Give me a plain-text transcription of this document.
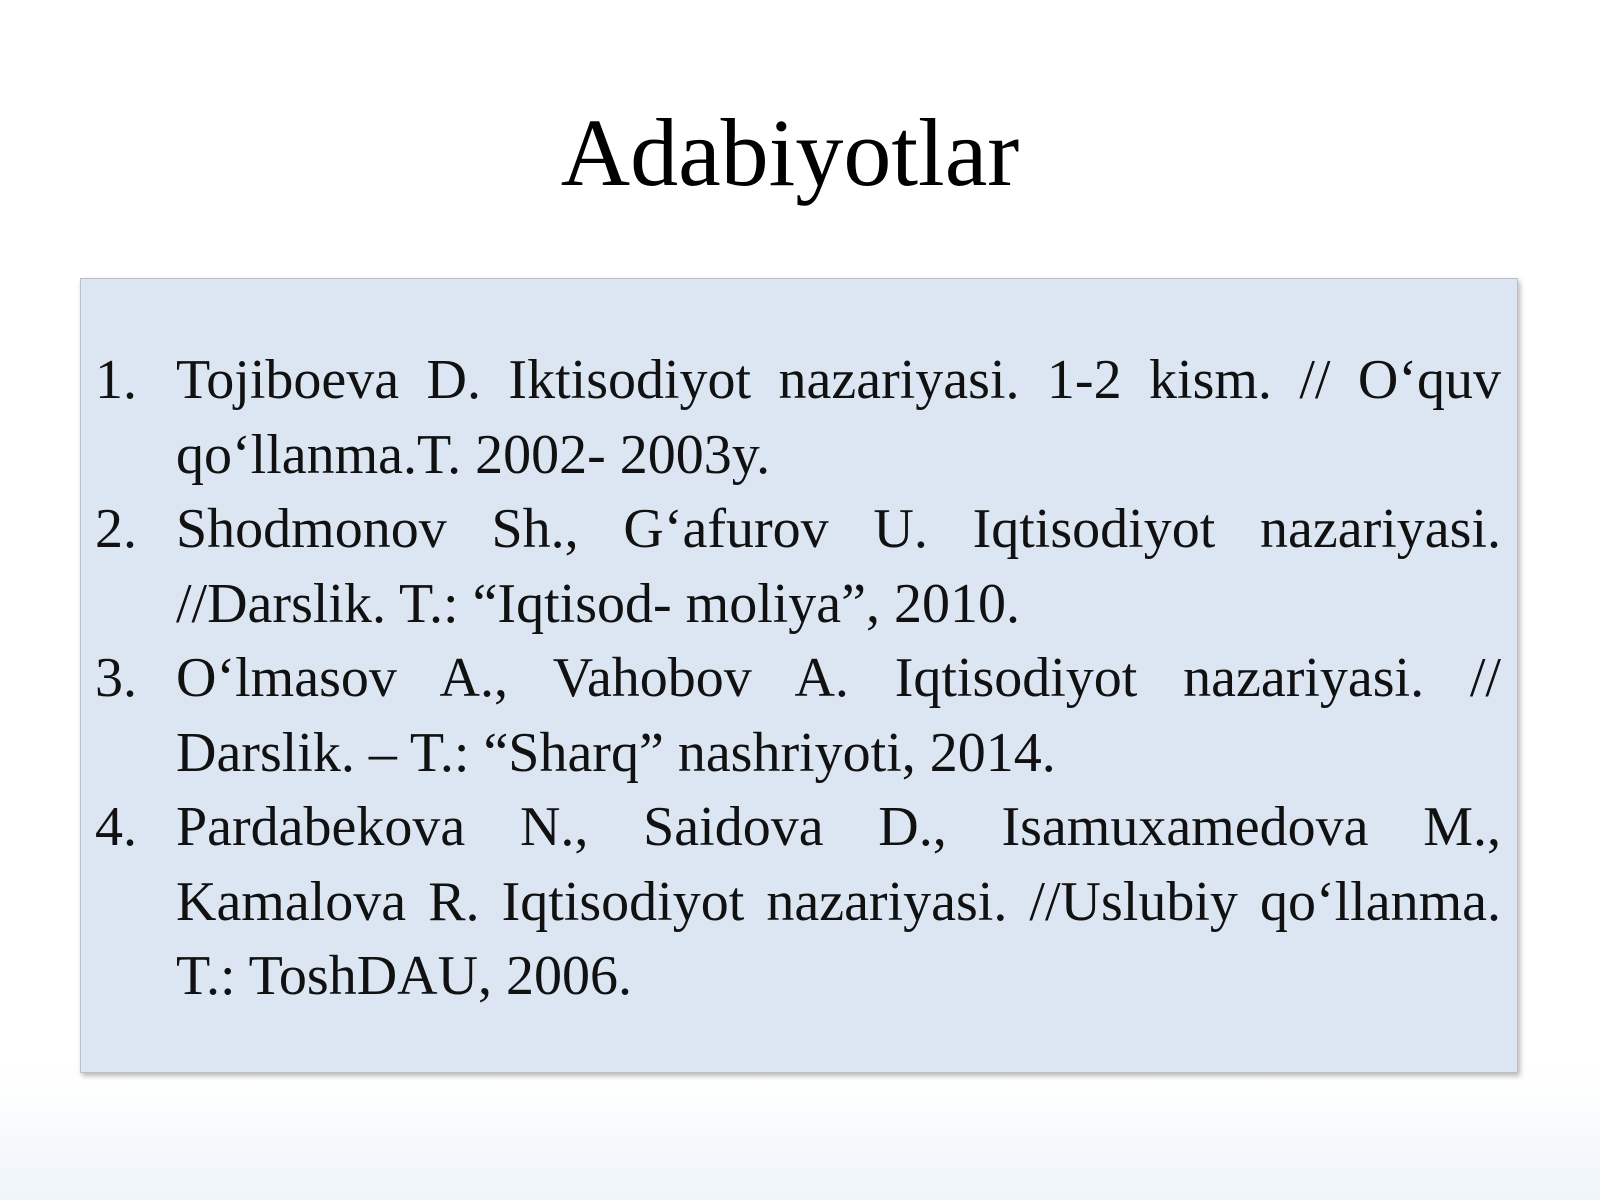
Adabiyotlar
1. Tojiboeva D. Iktisodiyot nazariyasi. 1-2 kism. // O‘quv qo‘llanma.T. 2002- 2003y.
2. Shodmonov Sh., G‘afurov U. Iqtisodiyot nazariyasi. //Darslik. T.: “Iqtisod- moliya”, 2010.
3. O‘lmasov A., Vahobov A. Iqtisodiyot nazariyasi. // Darslik. – T.: “Sharq” nashriyoti, 2014.
4. Pardabekova N., Saidova D., Isamuxamedova M., Kamalova R. Iqtisodiyot nazariyasi. //Uslubiy qo‘llanma. T.: ToshDAU, 2006.
